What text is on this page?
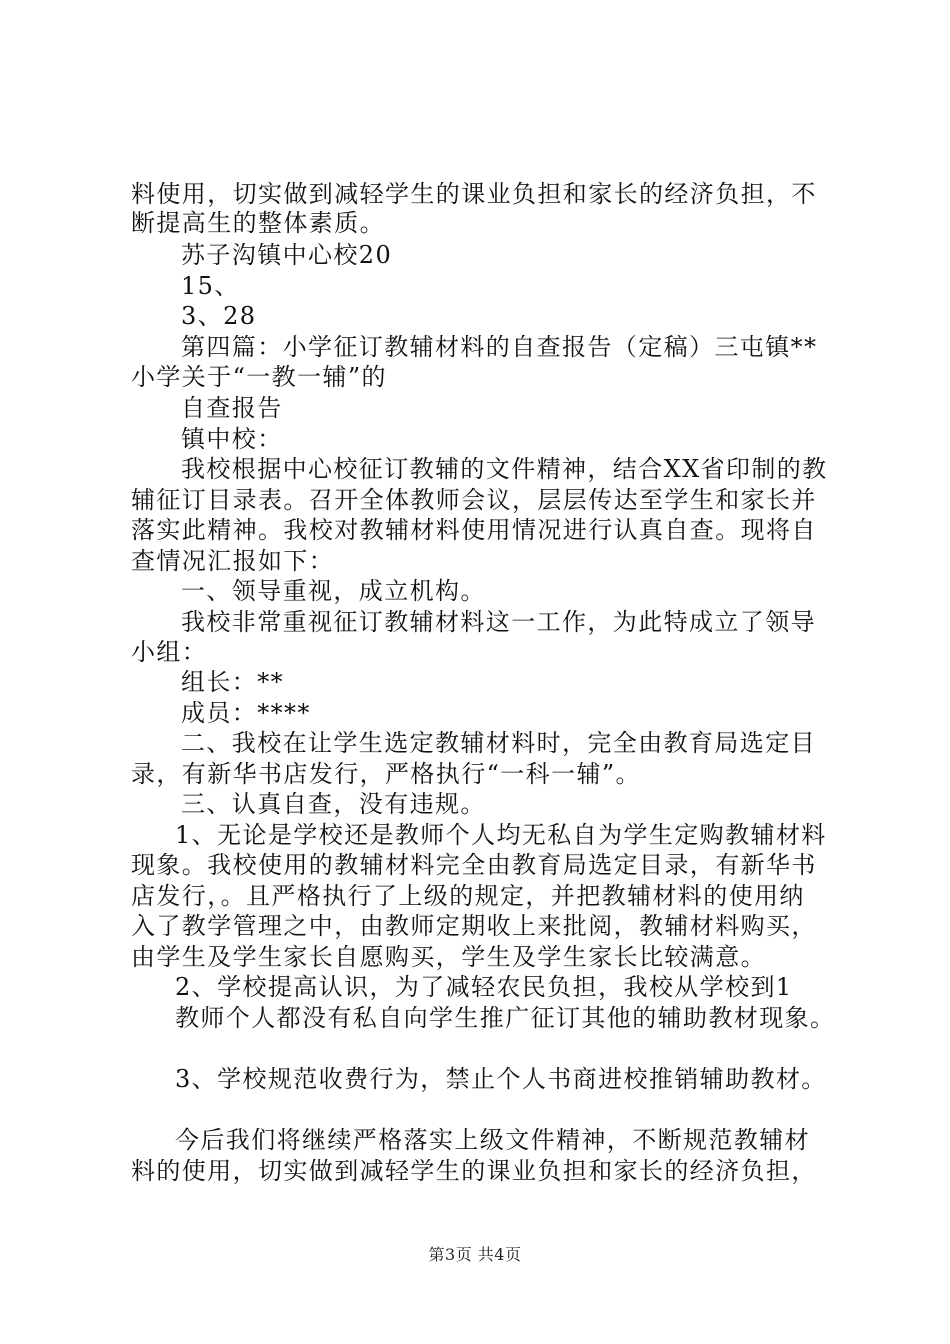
料使用，切实做到减轻学生的课业负担和家长的经济负担，不
断提高生的整体素质。
苏子沟镇中心校20
15、
3、28
第四篇：小学征订教辅材料的自查报告（定稿）三屯镇**
小学关于“一教一辅”的
自查报告
镇中校：
我校根据中心校征订教辅的文件精神，结合XX省印制的教
辅征订目录表。召开全体教师会议，层层传达至学生和家长并
落实此精神。我校对教辅材料使用情况进行认真自查。现将自
查情况汇报如下：
一、领导重视，成立机构。
我校非常重视征订教辅材料这一工作，为此特成立了领导
小组：
组长：**
成员：****
二、我校在让学生选定教辅材料时，完全由教育局选定目
录，有新华书店发行，严格执行“一科一辅”。
三、认真自查，没有违规。
1、无论是学校还是教师个人均无私自为学生定购教辅材料
现象。我校使用的教辅材料完全由教育局选定目录，有新华书
店发行，。且严格执行了上级的规定，并把教辅材料的使用纳
入了教学管理之中，由教师定期收上来批阅，教辅材料购买，
由学生及学生家长自愿购买，学生及学生家长比较满意。
2、学校提高认识，为了减轻农民负担，我校从学校到1
教师个人都没有私自向学生推广征订其他的辅助教材现象。
3、学校规范收费行为，禁止个人书商进校推销辅助教材。
今后我们将继续严格落实上级文件精神，不断规范教辅材
料的使用，切实做到减轻学生的课业负担和家长的经济负担，
第3页 共4页
